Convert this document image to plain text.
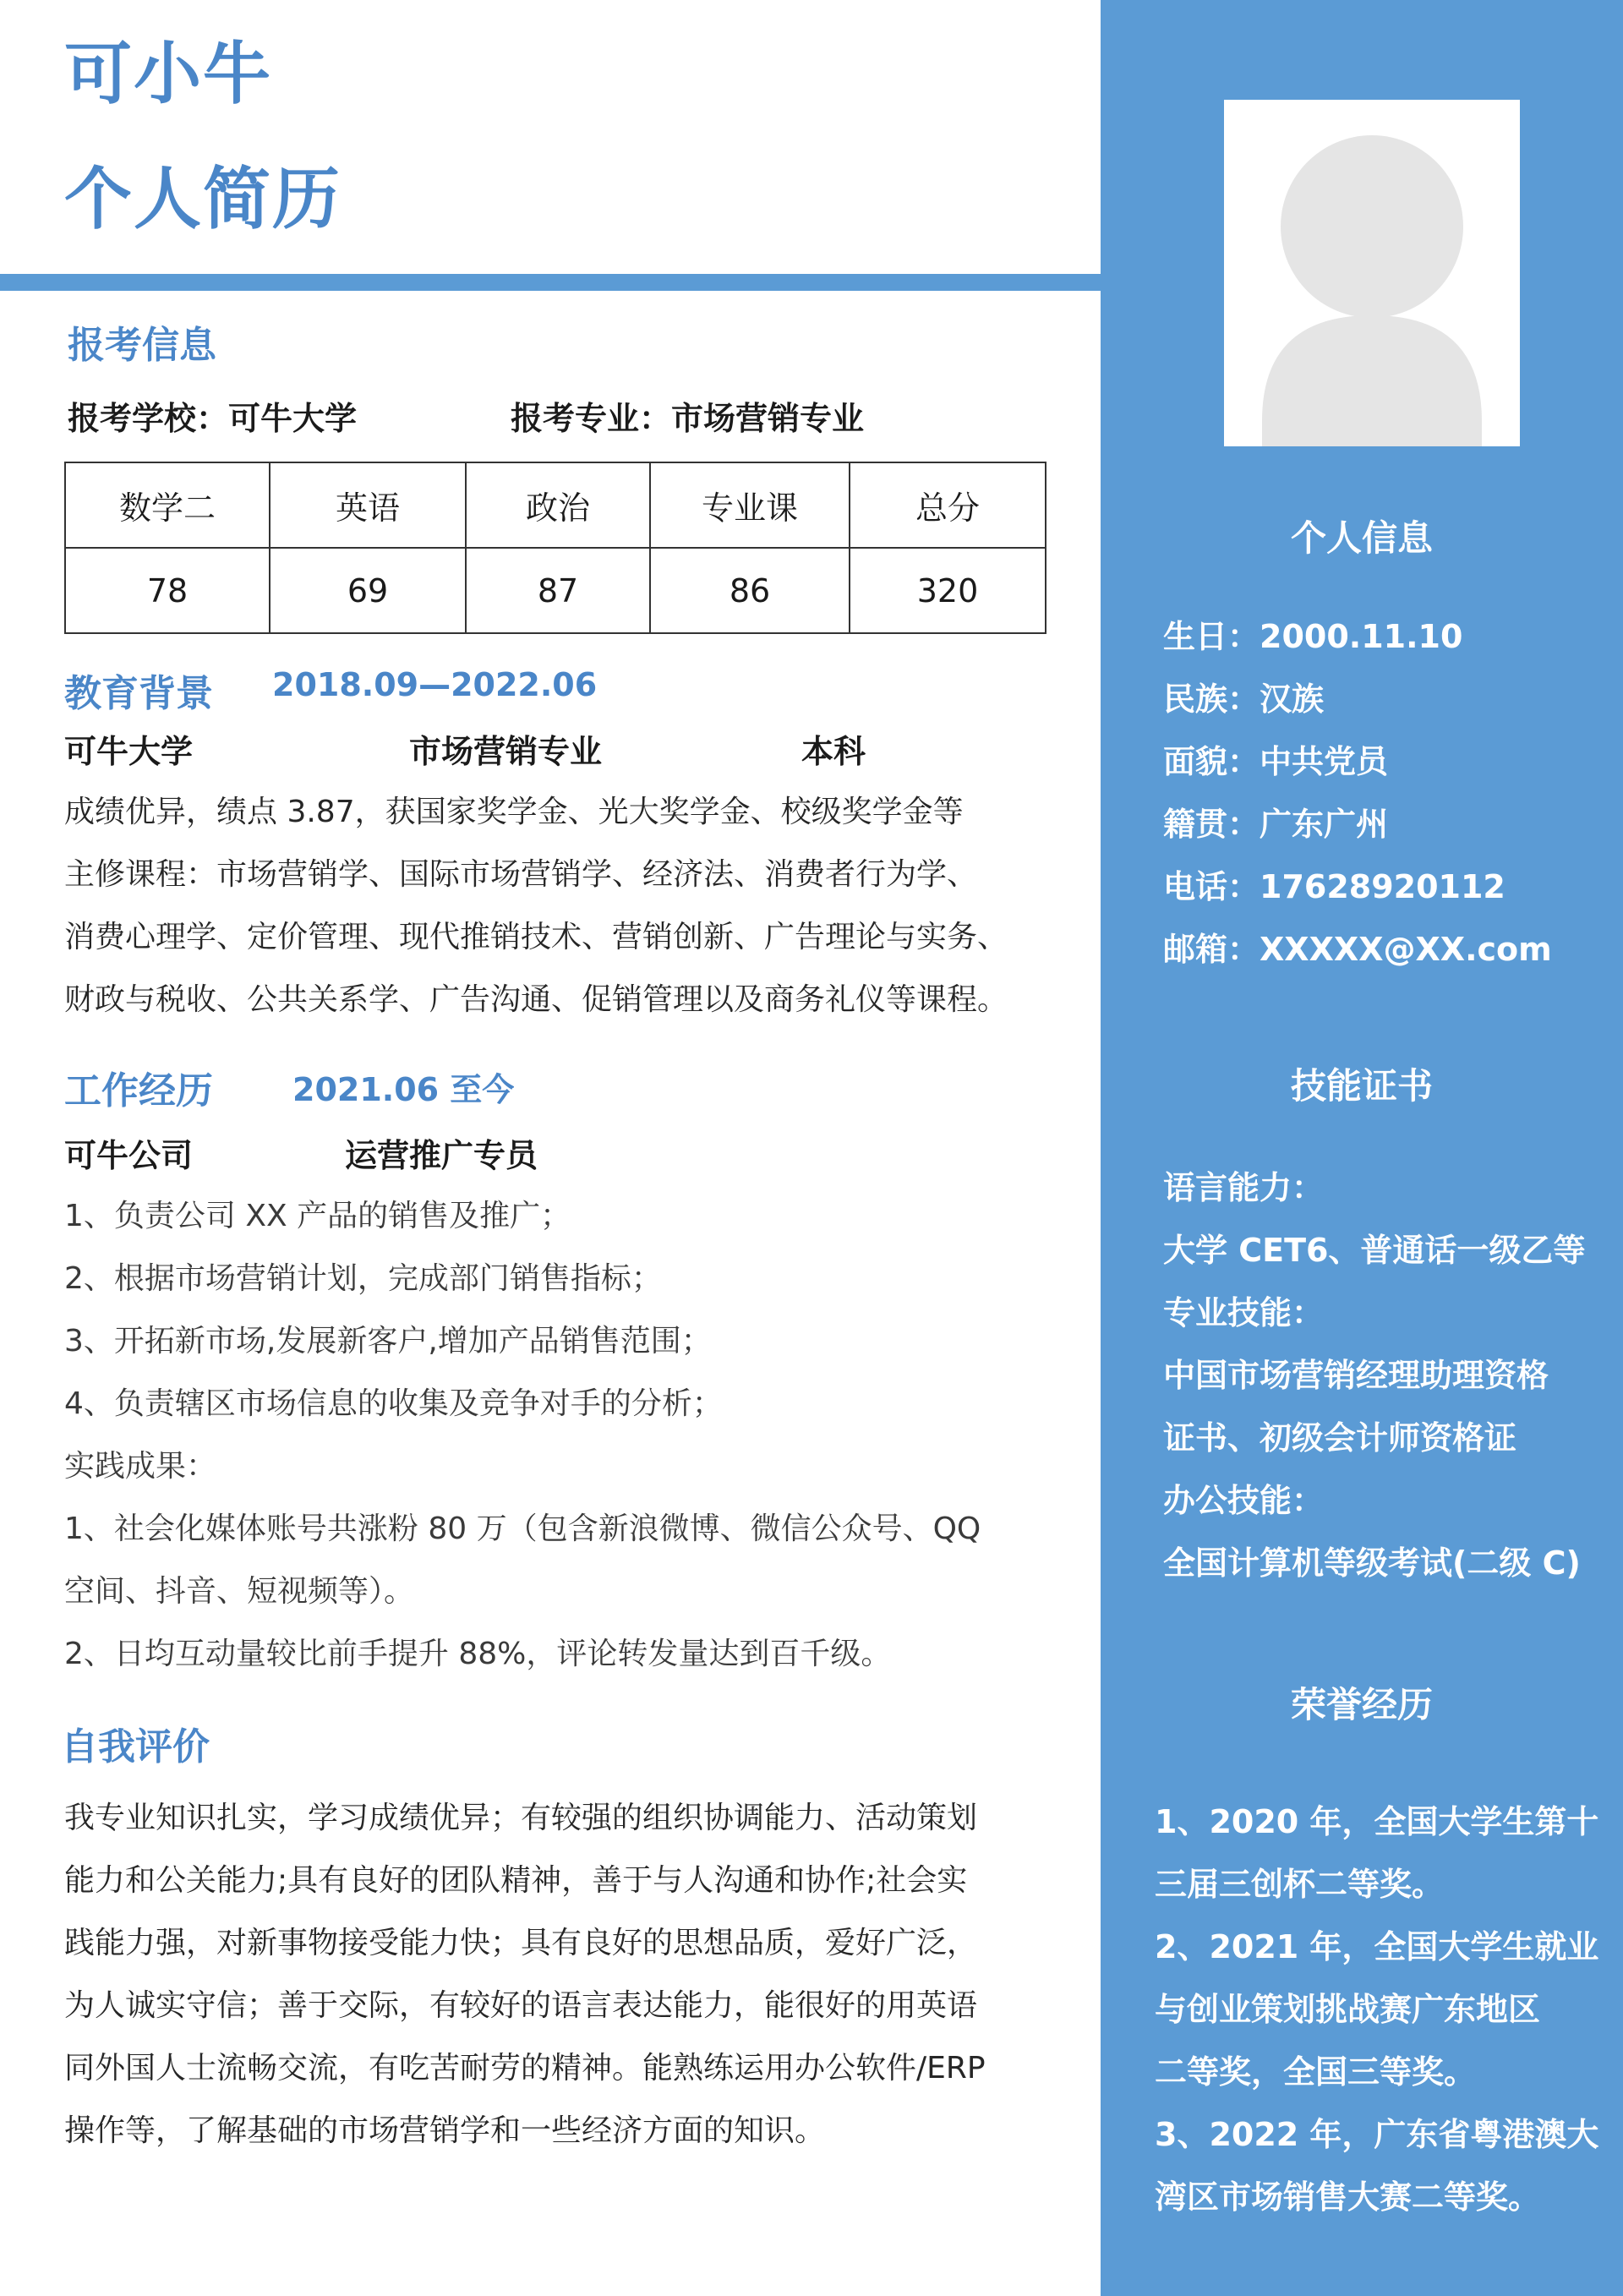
个人信息
生日：2000.11.10
民族：汉族
面貌：中共党员
籍贯：广东广州
电话：17628920112
邮箱：XXXXX@XX.com
技能证书
语言能力：
大学 CET6、普通话一级乙等
专业技能：
中国市场营销经理助理资格
证书、初级会计师资格证
办公技能：
全国计算机等级考试(二级 C)
荣誉经历
1、2020 年，全国大学生第十
三届三创杯二等奖。
2、2021 年，全国大学生就业
与创业策划挑战赛广东地区
二等奖，全国三等奖。
3、2022 年，广东省粤港澳大
湾区市场销售大赛二等奖。
可小牛
个人简历
报考信息
报考学校：可牛大学	报考专业：市场营销专业
数学二	英语	政治	专业课	总分
78	69	87	86	320
教育背景 2018.09—2022.06
可牛大学	市场营销专业	本科
成绩优异，绩点 3.87，获国家奖学金、光大奖学金、校级奖学金等
主修课程：市场营销学、国际市场营销学、经济法、消费者行为学、
消费心理学、定价管理、现代推销技术、营销创新、广告理论与实务、
财政与税收、公共关系学、广告沟通、促销管理以及商务礼仪等课程。
工作经历 2021.06 至今
可牛公司	运营推广专员
1、负责公司 XX 产品的销售及推广；
2、根据市场营销计划，完成部门销售指标；
3、开拓新市场,发展新客户,增加产品销售范围；
4、负责辖区市场信息的收集及竞争对手的分析；
实践成果：
1、社会化媒体账号共涨粉 80 万（包含新浪微博、微信公众号、QQ
空间、抖音、短视频等）。
2、日均互动量较比前手提升 88%，评论转发量达到百千级。
自我评价
我专业知识扎实，学习成绩优异；有较强的组织协调能力、活动策划
能力和公关能力;具有良好的团队精神，善于与人沟通和协作;社会实
践能力强，对新事物接受能力快；具有良好的思想品质，爱好广泛，
为人诚实守信；善于交际，有较好的语言表达能力，能很好的用英语
同外国人士流畅交流，有吃苦耐劳的精神。能熟练运用办公软件/ERP
操作等，了解基础的市场营销学和一些经济方面的知识。
